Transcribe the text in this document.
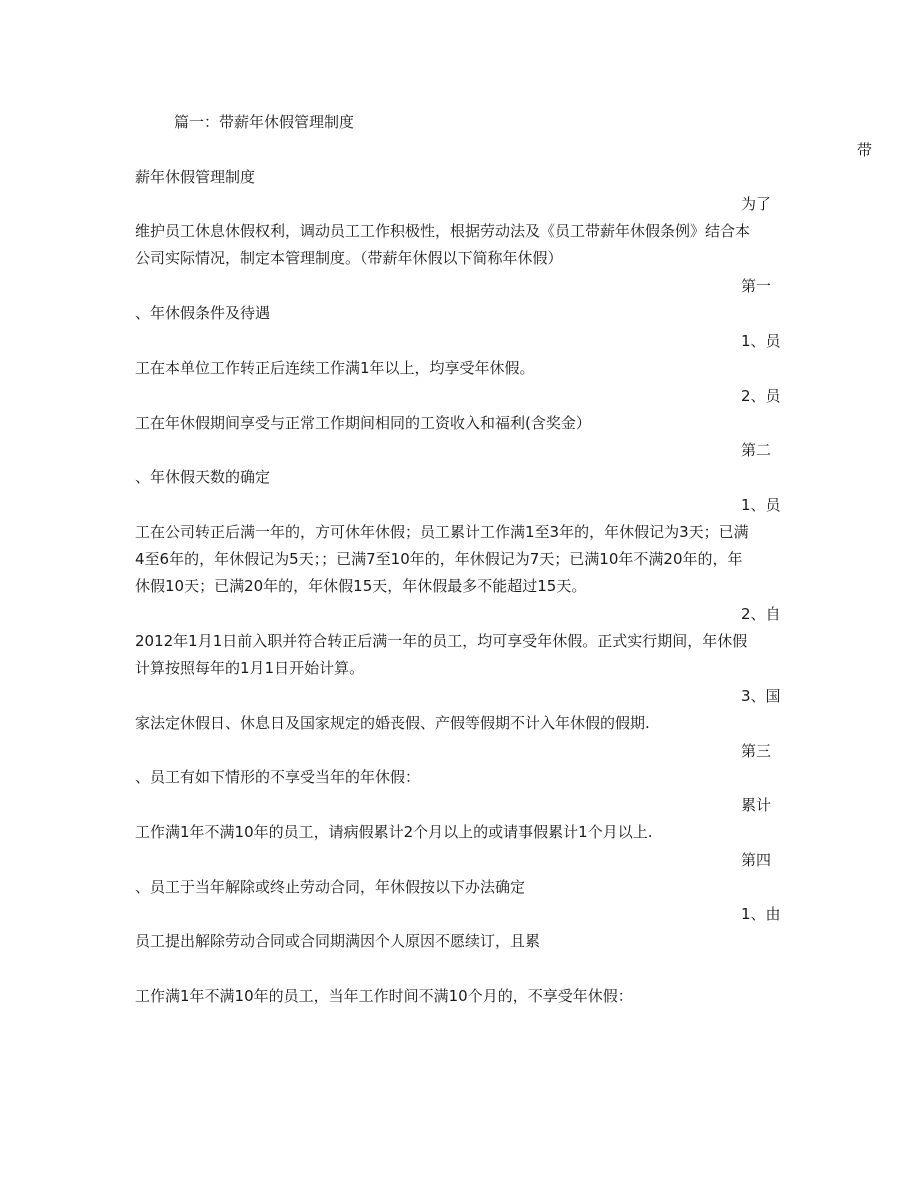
篇一：带薪年休假管理制度
带
薪年休假管理制度
为了
维护员工休息休假权利，调动员工工作积极性，根据劳动法及《员工带薪年休假条例》结合本
公司实际情况，制定本管理制度。（带薪年休假以下简称年休假）
第一
、年休假条件及待遇
1、员
工在本单位工作转正后连续工作满1年以上，均享受年休假。
2、员
工在年休假期间享受与正常工作期间相同的工资收入和福利(含奖金）
第二
、年休假天数的确定
1、员
工在公司转正后满一年的，方可休年休假；员工累计工作满1至3年的，年休假记为3天；已满
4至6年的，年休假记为5天；；已满7至10年的，年休假记为7天；已满10年不满20年的，年
休假10天；已满20年的，年休假15天，年休假最多不能超过15天。
2、自
2012年1月1日前入职并符合转正后满一年的员工，均可享受年休假。正式实行期间，年休假
计算按照每年的1月1日开始计算。
3、国
家法定休假日、休息日及国家规定的婚丧假、产假等假期不计入年休假的假期.
第三
、员工有如下情形的不享受当年的年休假：
累计
工作满1年不满10年的员工，请病假累计2个月以上的或请事假累计1个月以上.
第四
、员工于当年解除或终止劳动合同，年休假按以下办法确定
1、由
员工提出解除劳动合同或合同期满因个人原因不愿续订，且累
工作满1年不满10年的员工，当年工作时间不满10个月的，不享受年休假：
